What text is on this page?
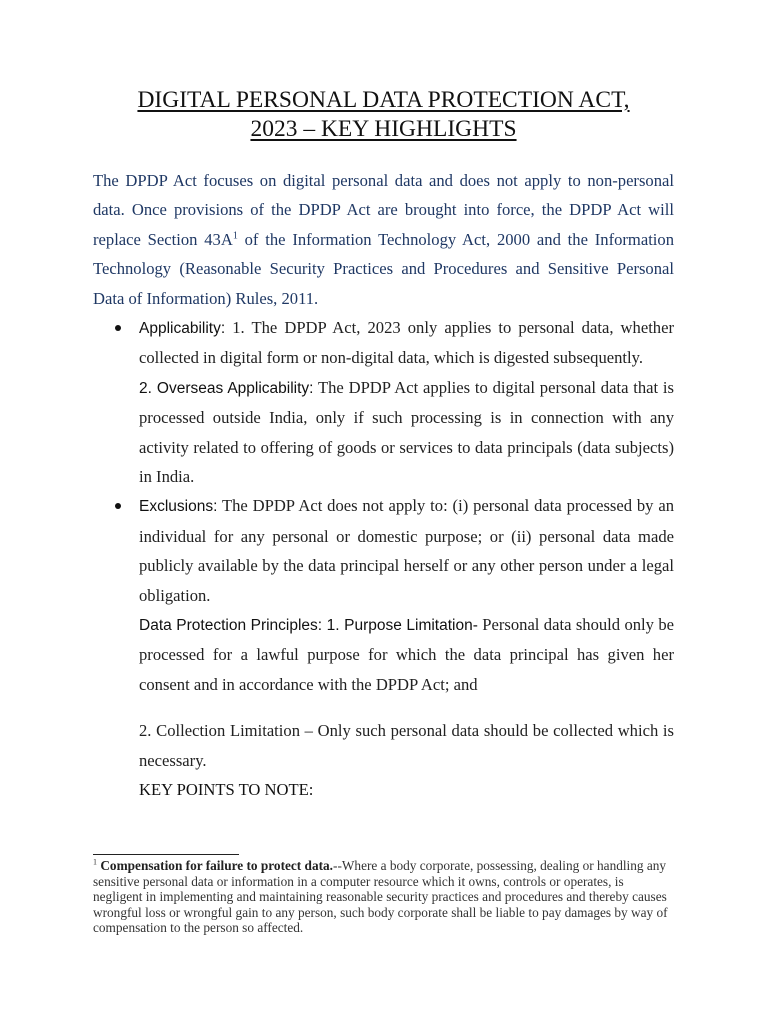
DIGITAL PERSONAL DATA PROTECTION ACT,
2023 – KEY HIGHLIGHTS

The DPDP Act focuses on digital personal data and does not apply to non-personal data. Once provisions of the DPDP Act are brought into force, the DPDP Act will replace Section $43A^1$ of the Information Technology Act, 2000 and the Information Technology (Reasonable Security Practices and Procedures and Sensitive Personal Data of Information) Rules, 2011.

Applicability: 1. The DPDP Act, 2023 only applies to personal data, whether collected in digital form or non-digital data, which is digested subsequently.

2. Overseas Applicability: The DPDP Act applies to digital personal data that is processed outside India, only if such processing is in connection with any activity related to offering of goods or services to data principals (data subjects) in India.

Exclusions: The DPDP Act does not apply to: (i) personal data processed by an individual for any personal or domestic purpose; or (ii) personal data made publicly available by the data principal herself or any other person under a legal obligation.

Data Protection Principles: 1. Purpose Limitation- Personal data should only be processed for a lawful purpose for which the data principal has given her consent and in accordance with the DPDP Act; and

2. Collection Limitation – Only such personal data should be collected which is necessary.

KEY POINTS TO NOTE:

$^1$ Compensation for failure to protect data.--Where a body corporate, possessing, dealing or handling any sensitive personal data or information in a computer resource which it owns, controls or operates, is negligent in implementing and maintaining reasonable security practices and procedures and thereby causes wrongful loss or wrongful gain to any person, such body corporate shall be liable to pay damages by way of compensation to the person so affected.
